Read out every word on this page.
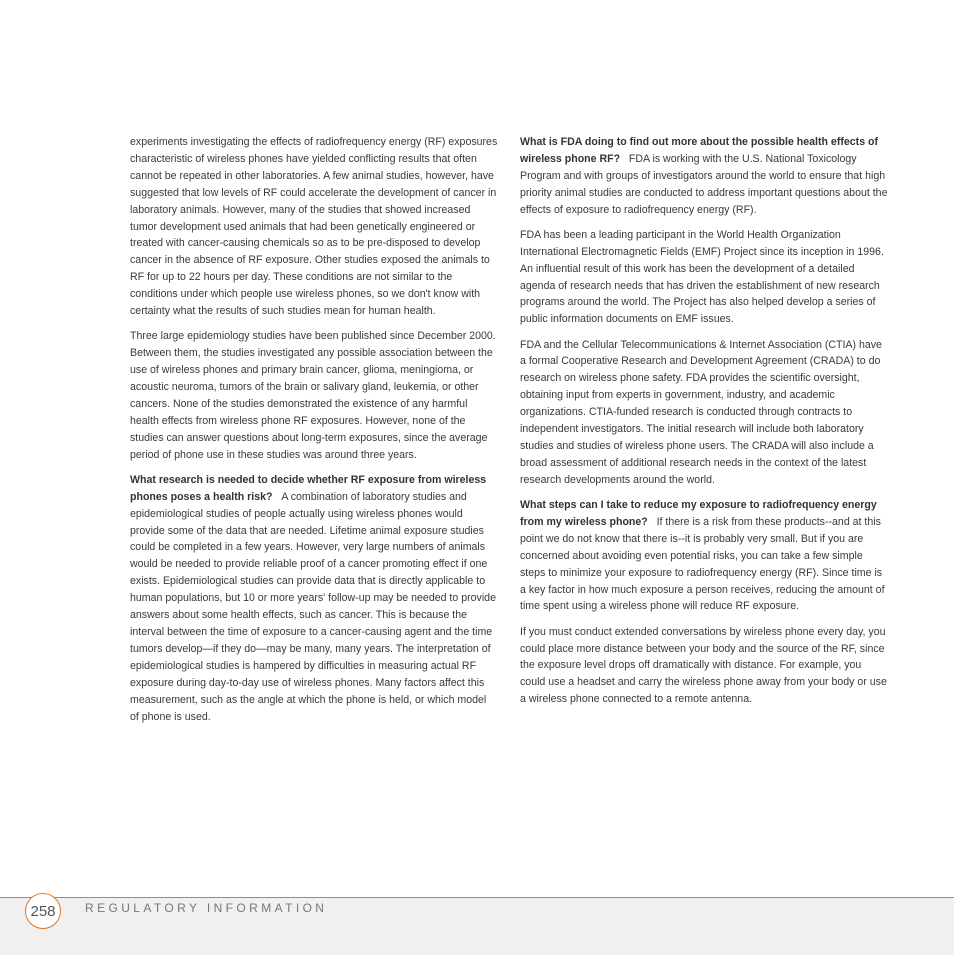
experiments investigating the effects of radiofrequency energy (RF) exposures characteristic of wireless phones have yielded conflicting results that often cannot be repeated in other laboratories. A few animal studies, however, have suggested that low levels of RF could accelerate the development of cancer in laboratory animals. However, many of the studies that showed increased tumor development used animals that had been genetically engineered or treated with cancer-causing chemicals so as to be pre-disposed to develop cancer in the absence of RF exposure. Other studies exposed the animals to RF for up to 22 hours per day. These conditions are not similar to the conditions under which people use wireless phones, so we don't know with certainty what the results of such studies mean for human health.

Three large epidemiology studies have been published since December 2000. Between them, the studies investigated any possible association between the use of wireless phones and primary brain cancer, glioma, meningioma, or acoustic neuroma, tumors of the brain or salivary gland, leukemia, or other cancers. None of the studies demonstrated the existence of any harmful health effects from wireless phone RF exposures. However, none of the studies can answer questions about long-term exposures, since the average period of phone use in these studies was around three years.

What research is needed to decide whether RF exposure from wireless phones poses a health risk? A combination of laboratory studies and epidemiological studies of people actually using wireless phones would provide some of the data that are needed. Lifetime animal exposure studies could be completed in a few years. However, very large numbers of animals would be needed to provide reliable proof of a cancer promoting effect if one exists. Epidemiological studies can provide data that is directly applicable to human populations, but 10 or more years' follow-up may be needed to provide answers about some health effects, such as cancer. This is because the interval between the time of exposure to a cancer-causing agent and the time tumors develop—if they do—may be many, many years. The interpretation of epidemiological studies is hampered by difficulties in measuring actual RF exposure during day-to-day use of wireless phones. Many factors affect this measurement, such as the angle at which the phone is held, or which model of phone is used.

What is FDA doing to find out more about the possible health effects of wireless phone RF? FDA is working with the U.S. National Toxicology Program and with groups of investigators around the world to ensure that high priority animal studies are conducted to address important questions about the effects of exposure to radiofrequency energy (RF).

FDA has been a leading participant in the World Health Organization International Electromagnetic Fields (EMF) Project since its inception in 1996. An influential result of this work has been the development of a detailed agenda of research needs that has driven the establishment of new research programs around the world. The Project has also helped develop a series of public information documents on EMF issues.

FDA and the Cellular Telecommunications & Internet Association (CTIA) have a formal Cooperative Research and Development Agreement (CRADA) to do research on wireless phone safety. FDA provides the scientific oversight, obtaining input from experts in government, industry, and academic organizations. CTIA-funded research is conducted through contracts to independent investigators. The initial research will include both laboratory studies and studies of wireless phone users. The CRADA will also include a broad assessment of additional research needs in the context of the latest research developments around the world.

What steps can I take to reduce my exposure to radiofrequency energy from my wireless phone? If there is a risk from these products--and at this point we do not know that there is--it is probably very small. But if you are concerned about avoiding even potential risks, you can take a few simple steps to minimize your exposure to radiofrequency energy (RF). Since time is a key factor in how much exposure a person receives, reducing the amount of time spent using a wireless phone will reduce RF exposure.

If you must conduct extended conversations by wireless phone every day, you could place more distance between your body and the source of the RF, since the exposure level drops off dramatically with distance. For example, you could use a headset and carry the wireless phone away from your body or use a wireless phone connected to a remote antenna.

258	REGULATORY INFORMATION
